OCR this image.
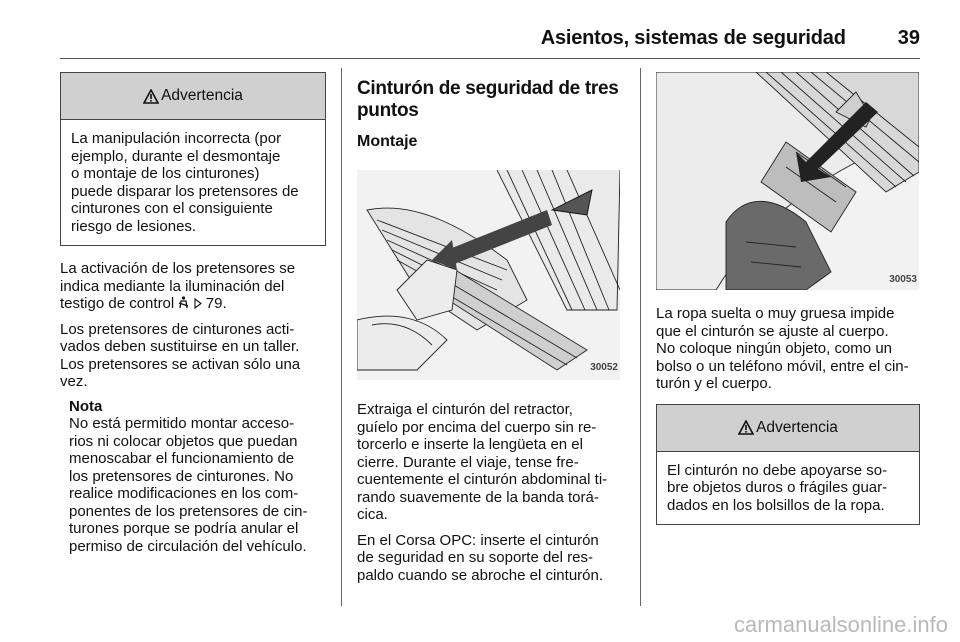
Asientos, sistemas de seguridad	39
Advertencia

La manipulación incorrecta (por

ejemplo, durante el desmontaje

o montaje de los cinturones)

puede disparar los pretensores de

cinturones con el consiguiente

riesgo de lesiones.

La activación de los pretensores se

indica mediante la iluminación del

testigo de control 79.

Los pretensores de cinturones acti-

vados deben sustituirse en un taller.

Los pretensores se activan sólo una

vez.

Nota

No está permitido montar acceso-

rios ni colocar objetos que puedan

menoscabar el funcionamiento de

los pretensores de cinturones. No

realice modificaciones en los com-

ponentes de los pretensores de cin-

turones porque se podría anular el

permiso de circulación del vehículo.

Cinturón de seguridad de tres
puntos
Montaje
30052

Extraiga el cinturón del retractor,

guíelo por encima del cuerpo sin re-

torcerlo e inserte la lengüeta en el

cierre. Durante el viaje, tense fre-

cuentemente el cinturón abdominal ti-

rando suavemente de la banda torá-

cica.

En el Corsa OPC: inserte el cinturón

de seguridad en su soporte del res-

paldo cuando se abroche el cinturón.

30053

La ropa suelta o muy gruesa impide

que el cinturón se ajuste al cuerpo.

No coloque ningún objeto, como un

bolso o un teléfono móvil, entre el cin-

turón y el cuerpo.

Advertencia

El cinturón no debe apoyarse so-

bre objetos duros o frágiles guar-

dados en los bolsillos de la ropa.

carmanualsonline.info
